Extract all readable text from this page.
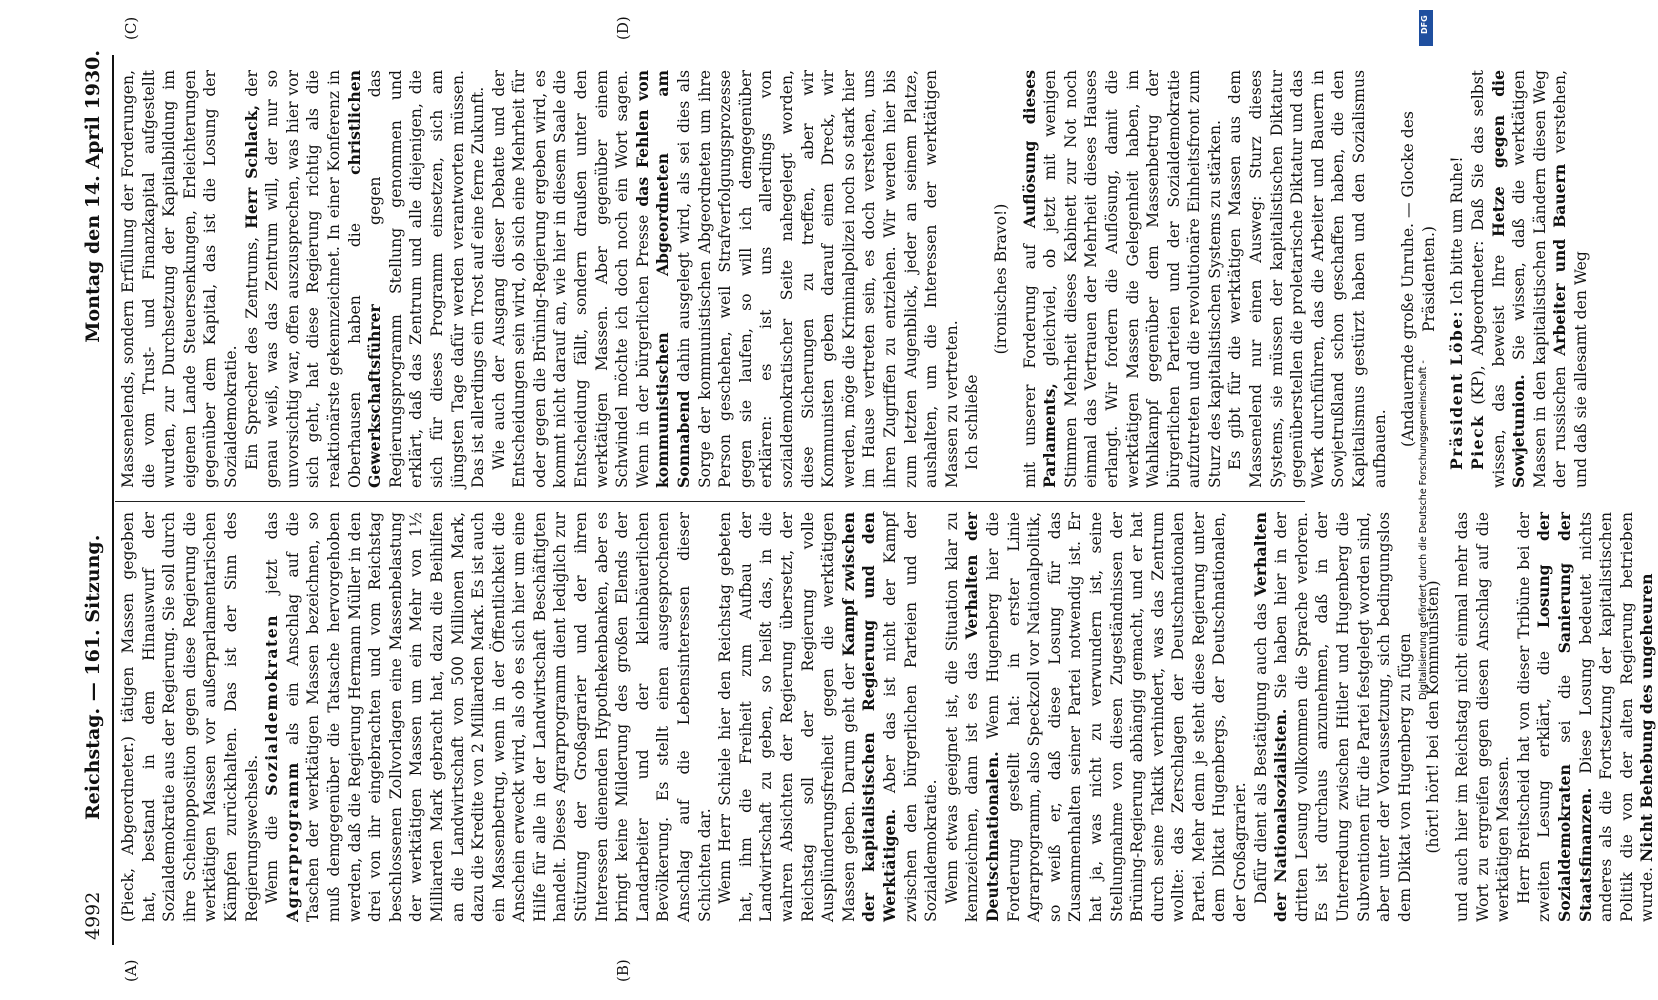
4992
Reichstag. — 161. Sitzung.
Montag den 14. April 1930.
(A)	(B)
(C)	(D)

(Pieck, Abgeordneter.) tätigen Massen gegeben hat, bestand in dem Hinauswurf der Sozialdemokratie aus der Regierung. Sie soll durch ihre Scheinopposition gegen diese Regierung die werktätigen Massen vor außerparlamentarischen Kämpfen zurückhalten. Das ist der Sinn des Regierungswechsels. Wenn die Sozialdemokraten jetzt das Agrarprogramm als ein Anschlag auf die Taschen der werktätigen Massen bezeichnen, so muß demgegenüber die Tatsache hervorgehoben werden, daß die Regierung Hermann Müller in den drei von ihr eingebrachten und vom Reichstag beschlossenen Zollvorlagen eine Massenbelastung der werktätigen Massen um ein Mehr von 1½ Milliarden Mark gebracht hat, dazu die Beihilfen an die Landwirtschaft von 500 Millionen Mark, dazu die Kredite von 2 Milliarden Mark. Es ist auch ein Massenbetrug, wenn in der Öffentlichkeit die Anschein erweckt wird, als ob es sich hier um eine Hilfe für alle in der Landwirtschaft Beschäftigten handelt. Dieses Agrarprogramm dient lediglich zur Stützung der Großagrarier und der ihren Interessen dienenden Hypothekenbanken, aber es bringt keine Milderung des großen Elends der Landarbeiter und der kleinbäuerlichen Bevölkerung. Es stellt einen ausgesprochenen Anschlag auf die Lebensinteressen dieser Schichten dar. Wenn Herr Schiele hier den Reichstag gebeten hat, ihm die Freiheit zum Aufbau der Landwirtschaft zu geben, so heißt das, in die wahren Absichten der Regierung übersetzt, der Reichstag soll der Regierung volle Ausplünderungsfreiheit gegen die werktätigen Massen geben. Darum geht der Kampf zwischen der kapitalistischen Regierung und den Werktätigen. Aber das ist nicht der Kampf zwischen den bürgerlichen Parteien und der Sozialdemokratie. Wenn etwas geeignet ist, die Situation klar zu kennzeichnen, dann ist es das Verhalten der Deutschnationalen. Wenn Hugenberg hier die Forderung gestellt hat: in erster Linie Agrarprogramm, also Speckzoll vor Nationalpolitik, so weiß er, daß diese Losung für das Zusammenhalten seiner Partei notwendig ist. Er hat ja, was nicht zu verwundern ist, seine Stellungnahme von diesen Zugeständnissen der Brüning-Regierung abhängig gemacht, und er hat durch seine Taktik verhindert, was das Zentrum wollte: das Zerschlagen der Deutschnationalen Partei. Mehr denn je steht diese Regierung unter dem Diktat Hugenbergs, der Deutschnationalen, der Großagrarier. Dafür dient als Bestätigung auch das Verhalten der Nationalsozialisten. Sie haben hier in der dritten Lesung vollkommen die Sprache verloren. Es ist durchaus anzunehmen, daß in der Unterredung zwischen Hitler und Hugenberg die Subventionen für die Partei festgelegt worden sind, aber unter der Voraussetzung, sich bedingungslos dem Diktat von Hugenberg zu fügen (hört! hört! bei den Kommunisten) und auch hier im Reichstag nicht einmal mehr das Wort zu ergreifen gegen diesen Anschlag auf die werktätigen Massen. Herr Breitscheid hat von dieser Tribüne bei der zweiten Lesung erklärt, die Losung der Sozialdemokraten sei die Sanierung der Staatsfinanzen. Diese Losung bedeutet nichts anderes als die Fortsetzung der kapitalistischen Politik die von der alten Regierung betrieben wurde. Nicht Behebung des ungeheuren

Massenelends, sondern Erfüllung der Forderungen, die vom Trust- und Finanzkapital aufgestellt wurden, zur Durchsetzung der Kapitalbildung im eigenen Lande Steuersenkungen, Erleichterungen gegenüber dem Kapital, das ist die Losung der Sozialdemokratie. Ein Sprecher des Zentrums, Herr Schlack, der genau weiß, was das Zentrum will, der nur so unvorsichtig war, offen auszusprechen, was hier vor sich geht, hat diese Regierung richtig als die reaktionärste gekennzeichnet. In einer Konferenz in Oberhausen haben die christlichen Gewerkschaftsführer gegen das Regierungsprogramm Stellung genommen und erklärt, daß das Zentrum und alle diejenigen, die sich für dieses Programm einsetzen, sich am jüngsten Tage dafür werden verantworten müssen. Das ist allerdings ein Trost auf eine ferne Zukunft. Wie auch der Ausgang dieser Debatte und der Entscheidungen sein wird, ob sich eine Mehrheit für oder gegen die Brüning-Regierung ergeben wird, es kommt nicht darauf an, wie hier in diesem Saale die Entscheidung fällt, sondern draußen unter den werktätigen Massen. Aber gegenüber einem Schwindel möchte ich doch noch ein Wort sagen. Wenn in der bürgerlichen Presse das Fehlen von kommunistischen Abgeordneten am Sonnabend dahin ausgelegt wird, als sei dies als Sorge der kommunistischen Abgeordneten um ihre Person geschehen, weil Strafverfolgungsprozesse gegen sie laufen, so will ich demgegenüber erklären: es ist uns allerdings von sozialdemokratischer Seite nahegelegt worden, diese Sicherungen zu treffen, aber wir Kommunisten geben darauf einen Dreck, wir werden, möge die Kriminalpolizei noch so stark hier im Hause vertreten sein, es doch verstehen, uns ihren Zugriffen zu entziehen. Wir werden hier bis zum letzten Augenblick, jeder an seinem Platze, aushalten, um die Interessen der werktätigen Massen zu vertreten. Ich schließe

(ironisches Bravo!) mit unserer Forderung auf Auflösung dieses Parlaments, gleichviel, ob jetzt mit wenigen Stimmen Mehrheit dieses Kabinett zur Not noch einmal das Vertrauen der Mehrheit dieses Hauses erlangt. Wir fordern die Auflösung, damit die werktätigen Massen die Gelegenheit haben, im Wahlkampf gegenüber dem Massenbetrug der bürgerlichen Parteien und der Sozialdemokratie aufzutreten und die revolutionäre Einheitsfront zum Sturz des kapitalistischen Systems zu stärken. Es gibt für die werktätigen Massen aus dem Massenelend nur einen Ausweg: Sturz dieses Systems, sie müssen der kapitalistischen Diktatur gegenüberstellen die proletarische Diktatur und das Werk durchführen, das die Arbeiter und Bauern in Sowjetrußland schon geschaffen haben, die den Kapitalismus gestürzt haben und den Sozialismus aufbauen.

(Andauernde große Unruhe. — Glocke des Präsidenten.)

Präsident Löbe: Ich bitte um Ruhe!

Pieck (KP), Abgeordneter: Daß Sie das selbst wissen, das beweist Ihre Hetze gegen die Sowjetunion. Sie wissen, daß die werktätigen Massen in den kapitalistischen Ländern diesen Weg der russischen Arbeiter und Bauern verstehen, und daß sie allesamt den Weg

DFG
Digitalisierung gefördert durch die Deutsche Forschungsgemeinschaft -
